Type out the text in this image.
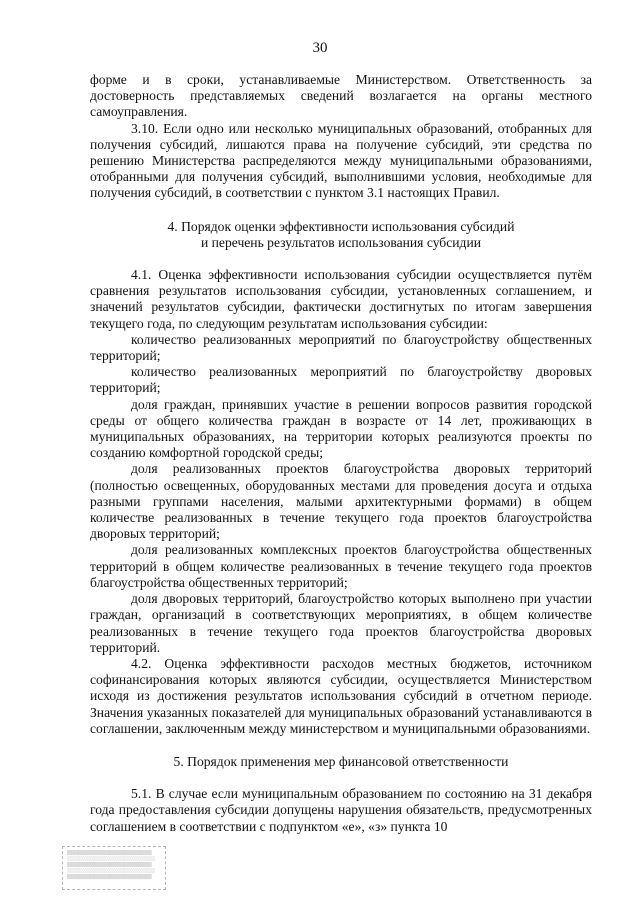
30

форме и в сроки, устанавливаемые Министерством. Ответственность за достоверность представляемых сведений возлагается на органы местного самоуправления.

3.10. Если одно или несколько муниципальных образований, отобранных для получения субсидий, лишаются права на получение субсидий, эти средства по решению Министерства распределяются между муниципальными образованиями, отобранными для получения субсидий, выполнившими условия, необходимые для получения субсидий, в соответствии с пунктом 3.1 настоящих Правил.

4. Порядок оценки эффективности использования субсидий
и перечень результатов использования субсидии

4.1. Оценка эффективности использования субсидии осуществляется путём сравнения результатов использования субсидии, установленных соглашением, и значений результатов субсидии, фактически достигнутых по итогам завершения текущего года, по следующим результатам использования субсидии:

количество реализованных мероприятий по благоустройству общественных территорий;

количество реализованных мероприятий по благоустройству дворовых территорий;

доля граждан, принявших участие в решении вопросов развития городской среды от общего количества граждан в возрасте от 14 лет, проживающих в муниципальных образованиях, на территории которых реализуются проекты по созданию комфортной городской среды;

доля реализованных проектов благоустройства дворовых территорий (полностью освещенных, оборудованных местами для проведения досуга и отдыха разными группами населения, малыми архитектурными формами) в общем количестве реализованных в течение текущего года проектов благоустройства дворовых территорий;

доля реализованных комплексных проектов благоустройства общественных территорий в общем количестве реализованных в течение текущего года проектов благоустройства общественных территорий;

доля дворовых территорий, благоустройство которых выполнено при участии граждан, организаций в соответствующих мероприятиях, в общем количестве реализованных в течение текущего года проектов благоустройства дворовых территорий.

4.2. Оценка эффективности расходов местных бюджетов, источником софинансирования которых являются субсидии, осуществляется Министерством исходя из достижения результатов использования субсидий в отчетном периоде. Значения указанных показателей для муниципальных образований устанавливаются в соглашении, заключенным между министерством и муниципальными образованиями.

5. Порядок применения мер финансовой ответственности

5.1. В случае если муниципальным образованием по состоянию на 31 декабря года предоставления субсидии допущены нарушения обязательств, предусмотренных соглашением в соответствии с подпунктом «е», «з» пункта 10

▒▒▒▒▒▒▒▒▒▒▒▒▒▒▒▒▒▒▒▒▒▒
░░░░░░░░░░░░░░░░░░░░░░░
▒▒▒▒▒▒▒▒▒▒▒▒▒▒▒▒▒▒▒▒▒▒
░░░░░░░░░░░░░░░░░░░░░░░
▒▒▒▒▒▒▒▒▒▒▒▒▒▒▒▒▒▒▒▒▒▒
